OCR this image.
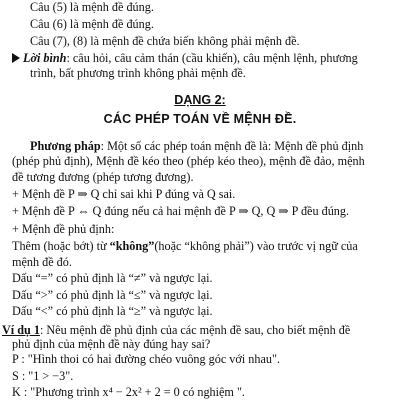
Câu (5) là mệnh đề đúng.
Câu (6) là mệnh đề đúng.
Câu (7), (8) là mệnh đề chứa biến không phải mệnh đề.
Lời bình: câu hỏi, câu cảm thán (cầu khiến), câu mệnh lệnh, phương
trình, bất phương trình không phải mệnh đề.
DẠNG 2:
CÁC PHÉP TOÁN VỀ MỆNH ĐỀ.
Phương pháp: Một số các phép toán mệnh đề là: Mệnh đề phủ định
(phép phủ định), Mệnh đề kéo theo (phép kéo theo), mệnh đề đảo, mệnh
đề tương đương (phép tương đương).
+ Mệnh đề P ⇒ Q chỉ sai khi P đúng và Q sai.
+ Mệnh đề P ⇔ Q đúng nếu cả hai mệnh đề P ⇒ Q, Q ⇒ P đều đúng.
+ Mệnh đề phủ định:
Thêm (hoặc bớt) từ “không”(hoặc “không phải”) vào trước vị ngữ của
mệnh đề đó.
Dấu “=” có phủ định là “≠” và ngược lại.
Dấu “>” có phủ định là “≤” và ngược lại.
Dấu “<” có phủ định là “≥” và ngược lại.
Ví dụ 1: Nêu mệnh đề phủ định của các mệnh đề sau, cho biết mệnh đề
phủ định của mệnh đề này đúng hay sai?
P : "Hình thoi có hai đường chéo vuông góc với nhau".
S : "1 > −3".
K : "Phương trình x⁴ − 2x² + 2 = 0 có nghiệm ".
